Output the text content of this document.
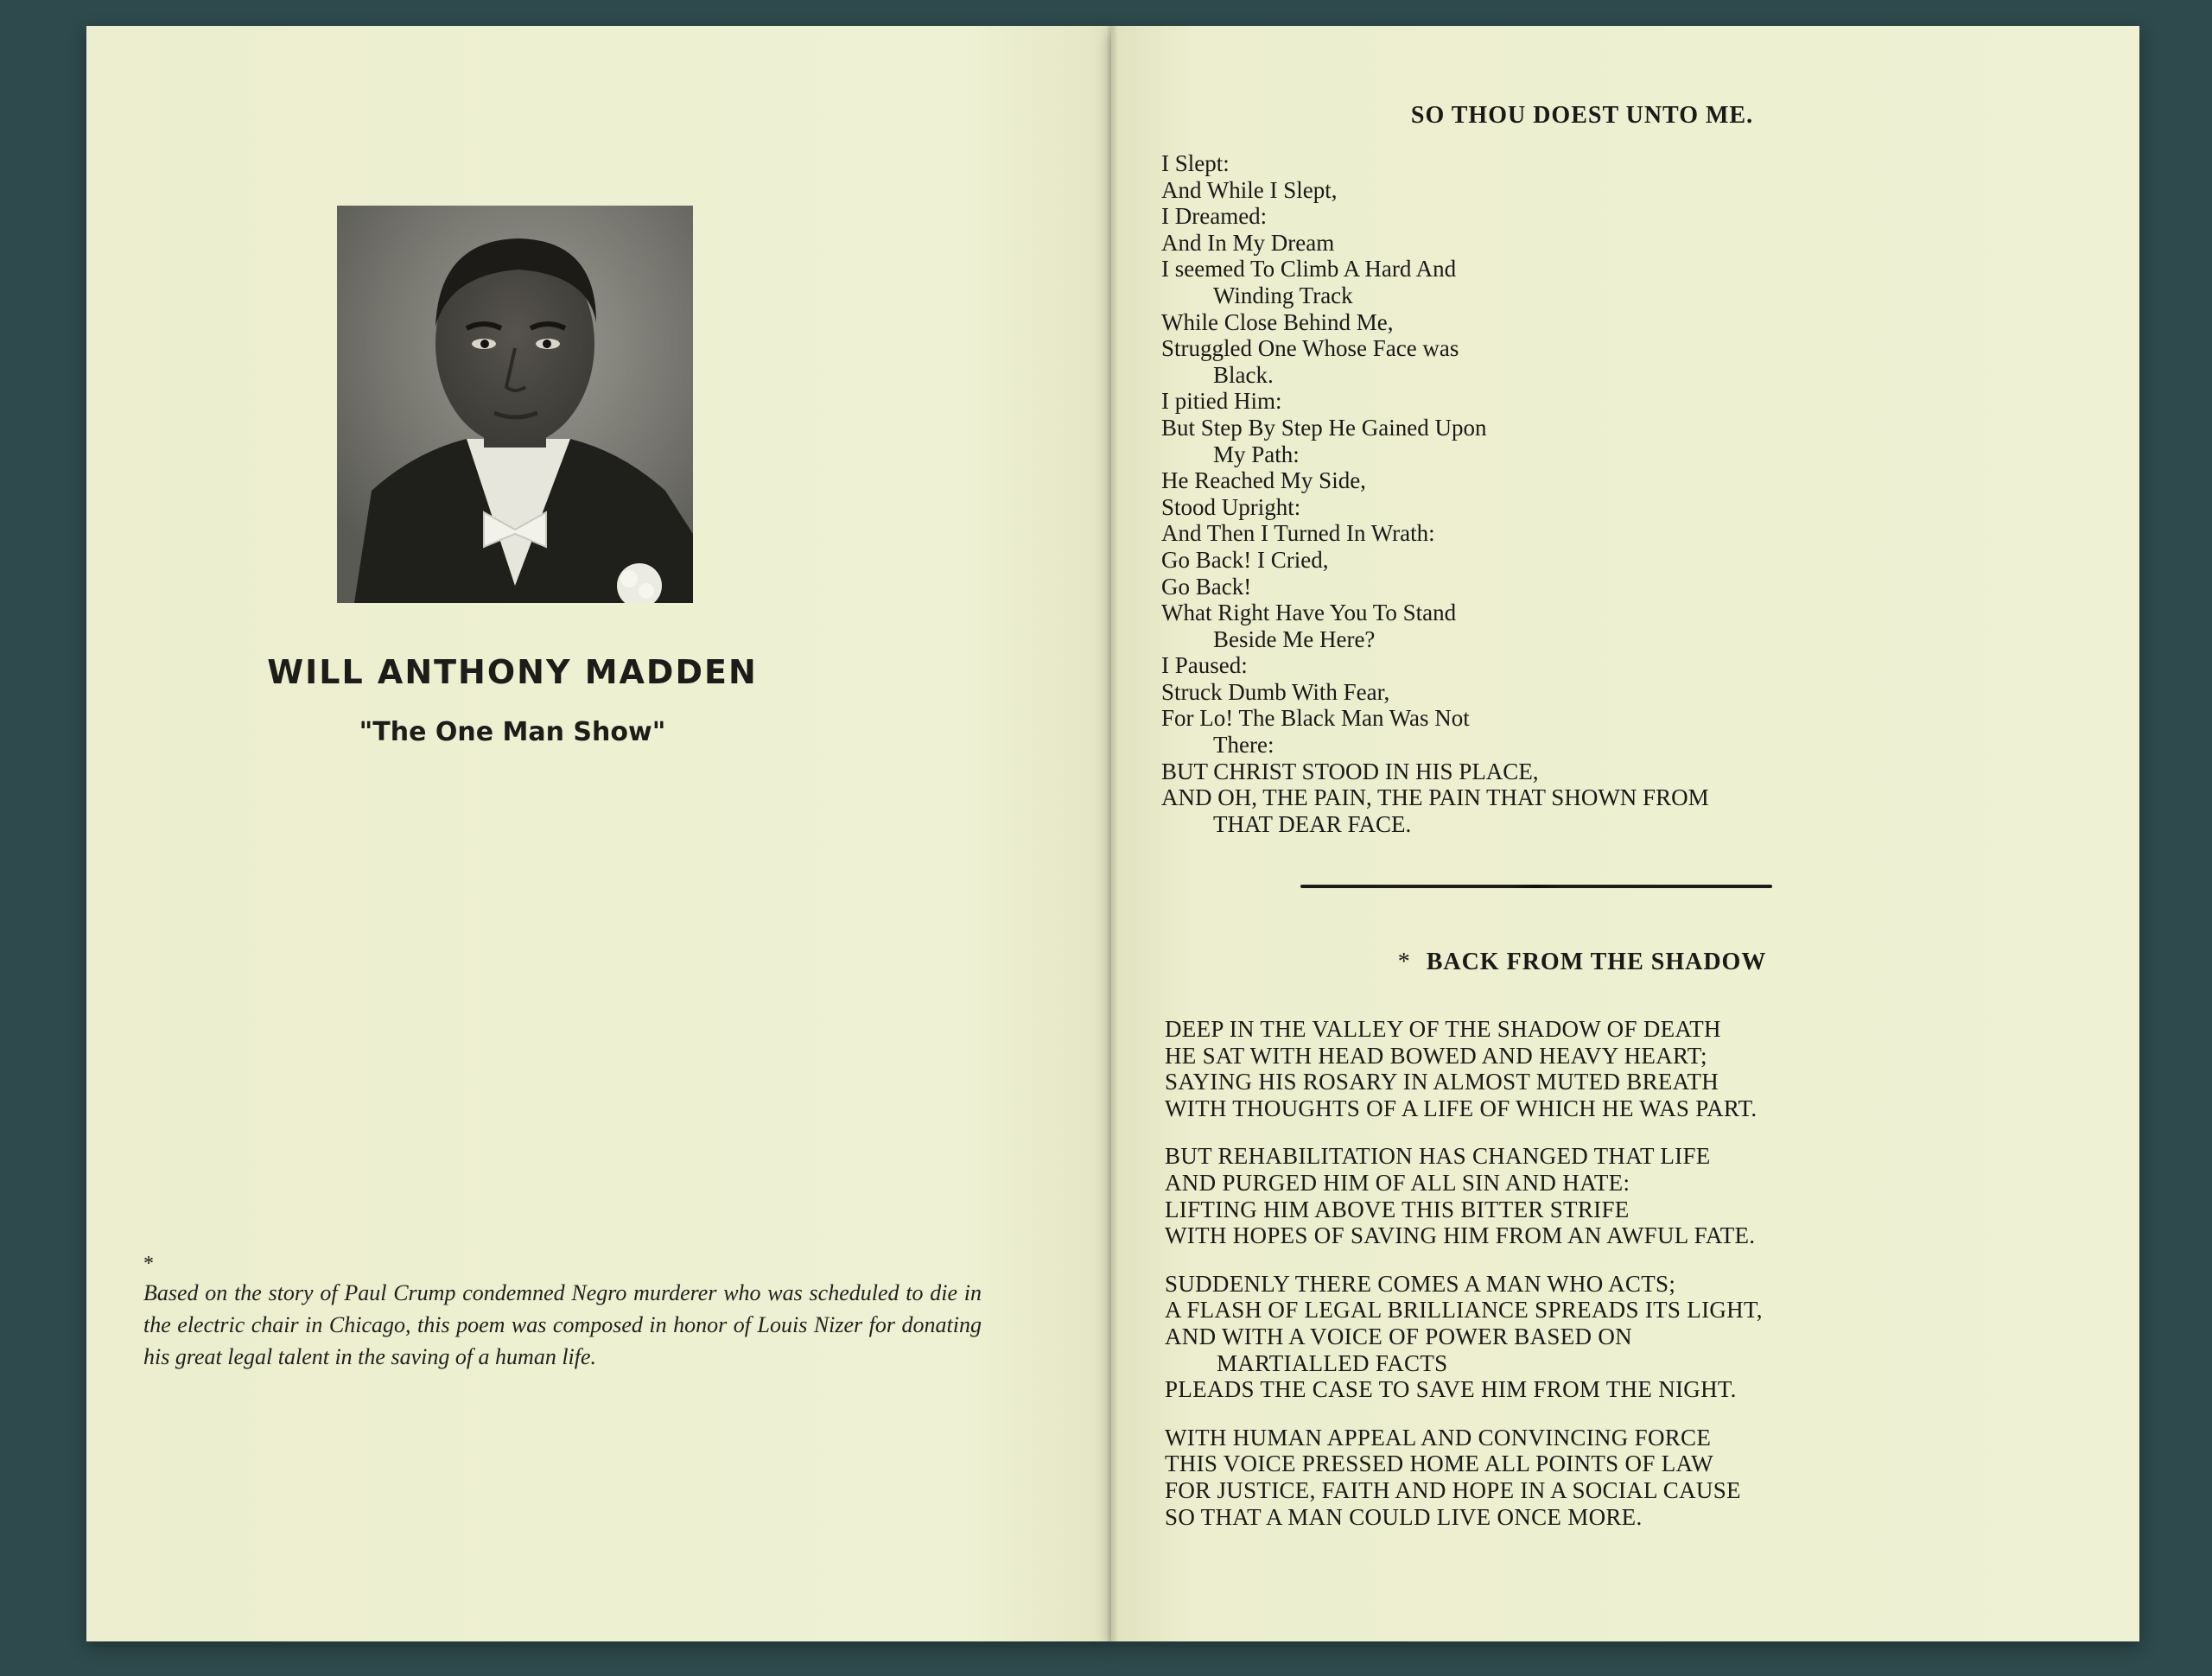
WILL ANTHONY MADDEN
"The One Man Show"
*
Based on the story of Paul Crump condemned Negro murderer who was scheduled to die in the electric chair in Chicago, this poem was composed in honor of Louis Nizer for donating his great legal talent in the saving of a human life.
SO THOU DOEST UNTO ME.
I Slept:
And While I Slept,
I Dreamed:
And In My Dream
I seemed To Climb A Hard And
Winding Track
While Close Behind Me,
Struggled One Whose Face was
Black.
I pitied Him:
But Step By Step He Gained Upon
My Path:
He Reached My Side,
Stood Upright:
And Then I Turned In Wrath:
Go Back! I Cried,
Go Back!
What Right Have You To Stand
Beside Me Here?
I Paused:
Struck Dumb With Fear,
For Lo! The Black Man Was Not
There:
BUT CHRIST STOOD IN HIS PLACE,
AND OH, THE PAIN, THE PAIN THAT SHOWN FROM
THAT DEAR FACE.
* BACK FROM THE SHADOW
DEEP IN THE VALLEY OF THE SHADOW OF DEATH
HE SAT WITH HEAD BOWED AND HEAVY HEART;
SAYING HIS ROSARY IN ALMOST MUTED BREATH
WITH THOUGHTS OF A LIFE OF WHICH HE WAS PART.
BUT REHABILITATION HAS CHANGED THAT LIFE
AND PURGED HIM OF ALL SIN AND HATE:
LIFTING HIM ABOVE THIS BITTER STRIFE
WITH HOPES OF SAVING HIM FROM AN AWFUL FATE.
SUDDENLY THERE COMES A MAN WHO ACTS;
A FLASH OF LEGAL BRILLIANCE SPREADS ITS LIGHT,
AND WITH A VOICE OF POWER BASED ON
MARTIALLED FACTS
PLEADS THE CASE TO SAVE HIM FROM THE NIGHT.
WITH HUMAN APPEAL AND CONVINCING FORCE
THIS VOICE PRESSED HOME ALL POINTS OF LAW
FOR JUSTICE, FAITH AND HOPE IN A SOCIAL CAUSE
SO THAT A MAN COULD LIVE ONCE MORE.
